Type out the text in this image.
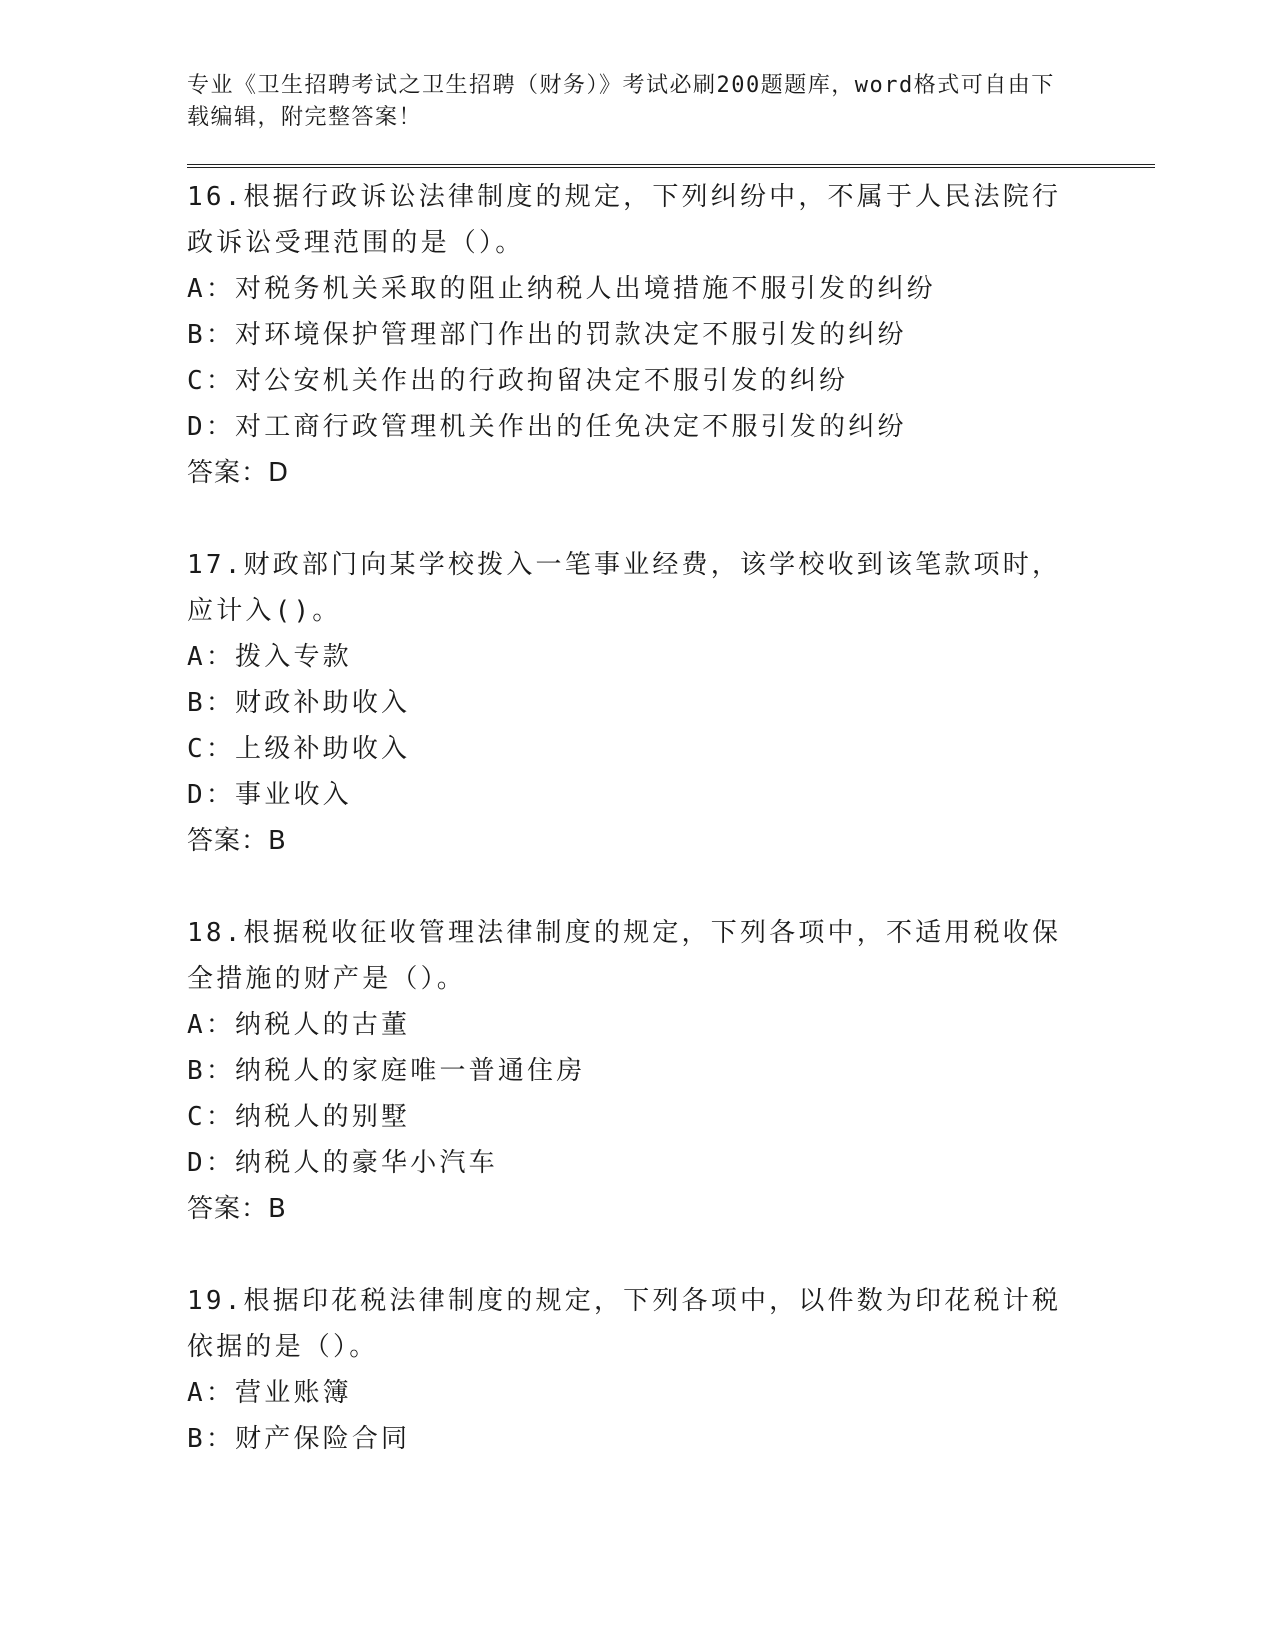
专业《卫生招聘考试之卫生招聘（财务）》考试必刷200题题库，word格式可自由下载编辑，附完整答案！

16.根据行政诉讼法律制度的规定，下列纠纷中，不属于人民法院行政诉讼受理范围的是（）。

A：对税务机关采取的阻止纳税人出境措施不服引发的纠纷

B：对环境保护管理部门作出的罚款决定不服引发的纠纷

C：对公安机关作出的行政拘留决定不服引发的纠纷

D：对工商行政管理机关作出的任免决定不服引发的纠纷

答案：D

17.财政部门向某学校拨入一笔事业经费，该学校收到该笔款项时，应计入()。

A：拨入专款

B：财政补助收入

C：上级补助收入

D：事业收入

答案：B

18.根据税收征收管理法律制度的规定，下列各项中，不适用税收保全措施的财产是（）。

A：纳税人的古董

B：纳税人的家庭唯一普通住房

C：纳税人的别墅

D：纳税人的豪华小汽车

答案：B

19.根据印花税法律制度的规定，下列各项中，以件数为印花税计税依据的是（）。

A：营业账簿

B：财产保险合同
